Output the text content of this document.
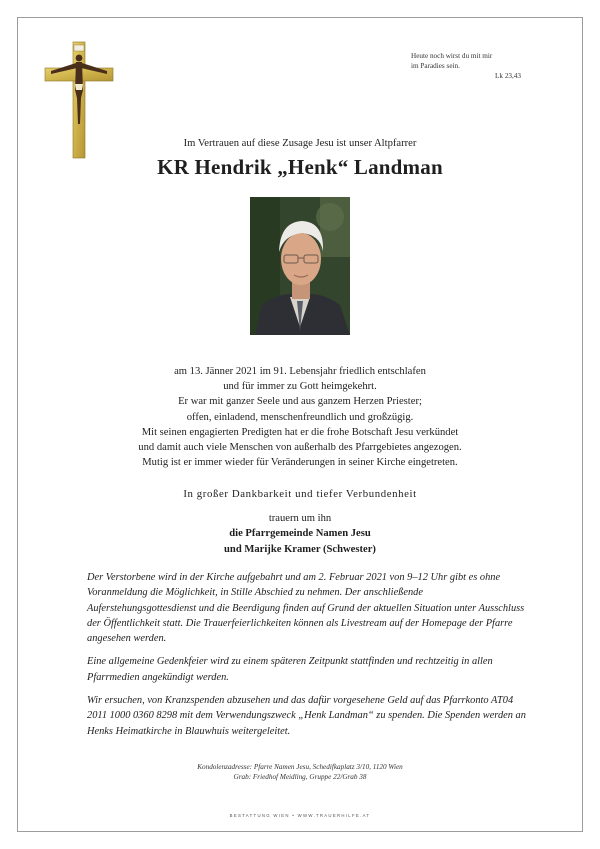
Heute noch wirst du mit mir
im Paradies sein.
Lk 23,43
Im Vertrauen auf diese Zusage Jesu ist unser Altpfarrer
KR Hendrik „Henk“ Landman
am 13. Jänner 2021 im 91. Lebensjahr friedlich entschlafen
und für immer zu Gott heimgekehrt.
Er war mit ganzer Seele und aus ganzem Herzen Priester;
offen, einladend, menschenfreundlich und großzügig.
Mit seinen engagierten Predigten hat er die frohe Botschaft Jesu verkündet
und damit auch viele Menschen von außerhalb des Pfarrgebietes angezogen.
Mutig ist er immer wieder für Veränderungen in seiner Kirche eingetreten.
In großer Dankbarkeit und tiefer Verbundenheit
trauern um ihn
die Pfarrgemeinde Namen Jesu
und Marijke Kramer (Schwester)

Der Verstorbene wird in der Kirche aufgebahrt und am 2. Februar 2021 von 9–12 Uhr gibt es ohne Voranmeldung die Möglichkeit, in Stille Abschied zu nehmen. Der anschließende Auferstehungsgottesdienst und die Beerdigung finden auf Grund der aktuellen Situation unter Ausschluss der Öffentlichkeit statt. Die Trauerfeierlichkeiten können als Livestream auf der Homepage der Pfarre angesehen werden.

Eine allgemeine Gedenkfeier wird zu einem späteren Zeitpunkt stattfinden und rechtzeitig in allen Pfarrmedien angekündigt werden.

Wir ersuchen, von Kranzspenden abzusehen und das dafür vorgesehene Geld auf das Pfarrkonto AT04 2011 1000 0360 8298 mit dem Verwendungszweck „Henk Landman“ zu spenden. Die Spenden werden an Henks Heimatkirche in Blauwhuis weitergeleitet.

Kondolenzadresse: Pfarre Namen Jesu, Schedifkaplatz 3/10, 1120 Wien
Grab: Friedhof Meidling, Gruppe 22/Grab 38
BESTATTUNG WIEN • WWW.TRAUERHILFE.AT
